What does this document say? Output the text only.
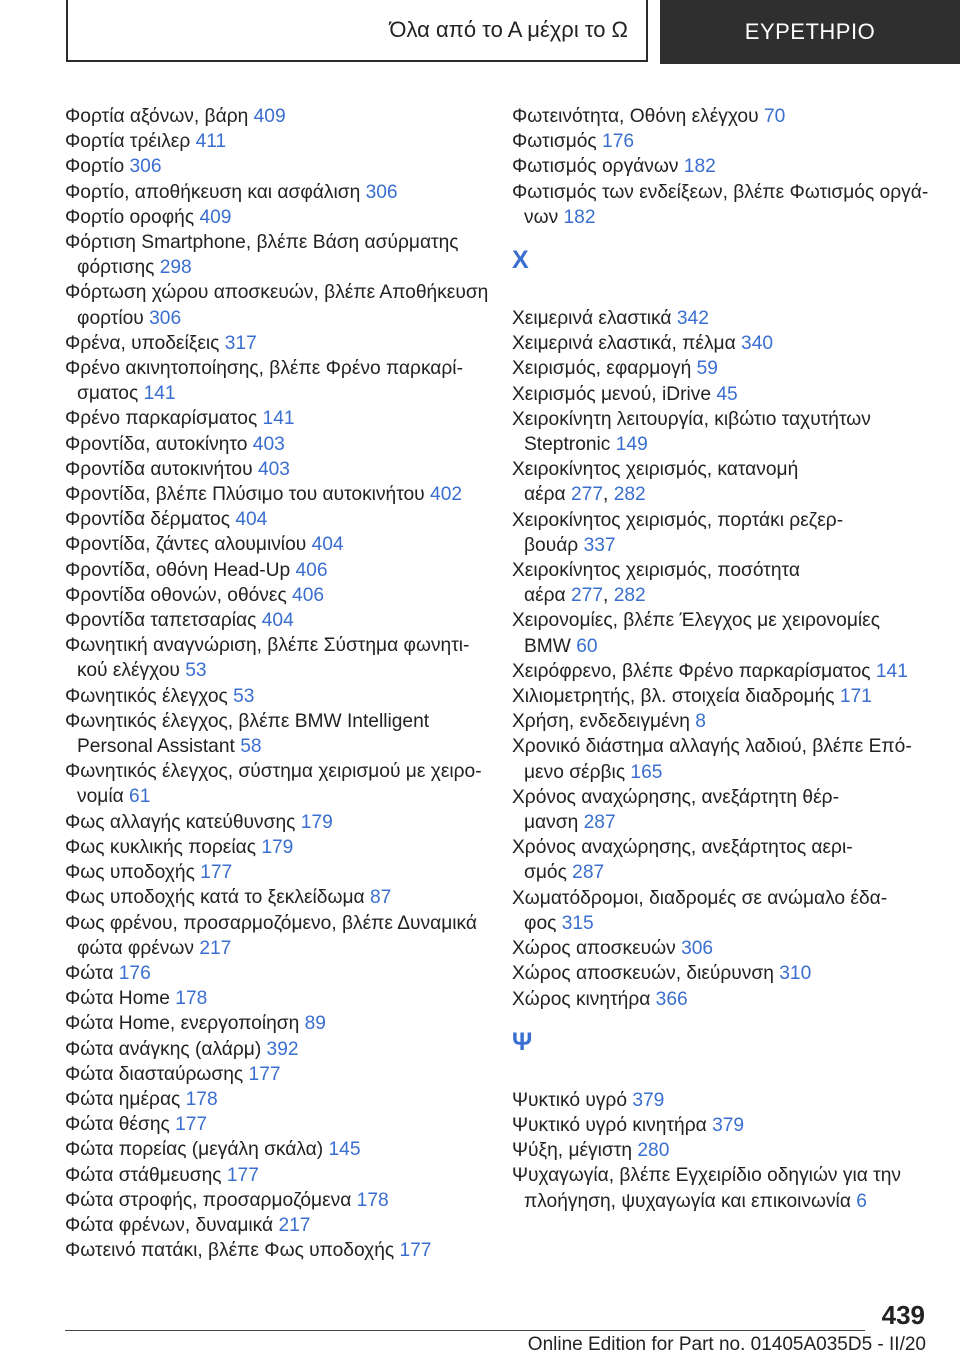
Όλα από το Α μέχρι το Ω	ΕΥΡΕΤΗΡΙΟ
Φορτία αξόνων, βάρη 409
Φορτία τρέιλερ 411
Φορτίο 306
Φορτίο, αποθήκευση και ασφάλιση 306
Φορτίο οροφής 409
Φόρτιση Smartphone, βλέπε Βάση ασύρματης
φόρτισης 298
Φόρτωση χώρου αποσκευών, βλέπε Αποθήκευση
φορτίου 306
Φρένα, υποδείξεις 317
Φρένο ακινητοποίησης, βλέπε Φρένο παρκαρί-
σματος 141
Φρένο παρκαρίσματος 141
Φροντίδα, αυτοκίνητο 403
Φροντίδα αυτοκινήτου 403
Φροντίδα, βλέπε Πλύσιμο του αυτοκινήτου 402
Φροντίδα δέρματος 404
Φροντίδα, ζάντες αλουμινίου 404
Φροντίδα, οθόνη Head-Up 406
Φροντίδα οθονών, οθόνες 406
Φροντίδα ταπετσαρίας 404
Φωνητική αναγνώριση, βλέπε Σύστημα φωνητι-
κού ελέγχου 53
Φωνητικός έλεγχος 53
Φωνητικός έλεγχος, βλέπε BMW Intelligent
Personal Assistant 58
Φωνητικός έλεγχος, σύστημα χειρισμού με χειρο-
νομία 61
Φως αλλαγής κατεύθυνσης 179
Φως κυκλικής πορείας 179
Φως υποδοχής 177
Φως υποδοχής κατά το ξεκλείδωμα 87
Φως φρένου, προσαρμοζόμενο, βλέπε Δυναμικά
φώτα φρένων 217
Φώτα 176
Φώτα Home 178
Φώτα Home, ενεργοποίηση 89
Φώτα ανάγκης (αλάρμ) 392
Φώτα διασταύρωσης 177
Φώτα ημέρας 178
Φώτα θέσης 177
Φώτα πορείας (μεγάλη σκάλα) 145
Φώτα στάθμευσης 177
Φώτα στροφής, προσαρμοζόμενα 178
Φώτα φρένων, δυναμικά 217
Φωτεινό πατάκι, βλέπε Φως υποδοχής 177
Φωτεινότητα, Οθόνη ελέγχου 70
Φωτισμός 176
Φωτισμός οργάνων 182
Φωτισμός των ενδείξεων, βλέπε Φωτισμός οργά-
νων 182
Χ
Χειμερινά ελαστικά 342
Χειμερινά ελαστικά, πέλμα 340
Χειρισμός, εφαρμογή 59
Χειρισμός μενού, iDrive 45
Χειροκίνητη λειτουργία, κιβώτιο ταχυτήτων
Steptronic 149
Χειροκίνητος χειρισμός, κατανομή
αέρα 277, 282
Χειροκίνητος χειρισμός, πορτάκι ρεζερ-
βουάρ 337
Χειροκίνητος χειρισμός, ποσότητα
αέρα 277, 282
Χειρονομίες, βλέπε Έλεγχος με χειρονομίες
BMW 60
Χειρόφρενο, βλέπε Φρένο παρκαρίσματος 141
Χιλιομετρητής, βλ. στοιχεία διαδρομής 171
Χρήση, ενδεδειγμένη 8
Χρονικό διάστημα αλλαγής λαδιού, βλέπε Επό-
μενο σέρβις 165
Χρόνος αναχώρησης, ανεξάρτητη θέρ-
μανση 287
Χρόνος αναχώρησης, ανεξάρτητος αερι-
σμός 287
Χωματόδρομοι, διαδρομές σε ανώμαλο έδα-
φος 315
Χώρος αποσκευών 306
Χώρος αποσκευών, διεύρυνση 310
Χώρος κινητήρα 366
Ψ
Ψυκτικό υγρό 379
Ψυκτικό υγρό κινητήρα 379
Ψύξη, μέγιστη 280
Ψυχαγωγία, βλέπε Εγχειρίδιο οδηγιών για την
πλοήγηση, ψυχαγωγία και επικοινωνία 6
439
Online Edition for Part no. 01405A035D5 - II/20
